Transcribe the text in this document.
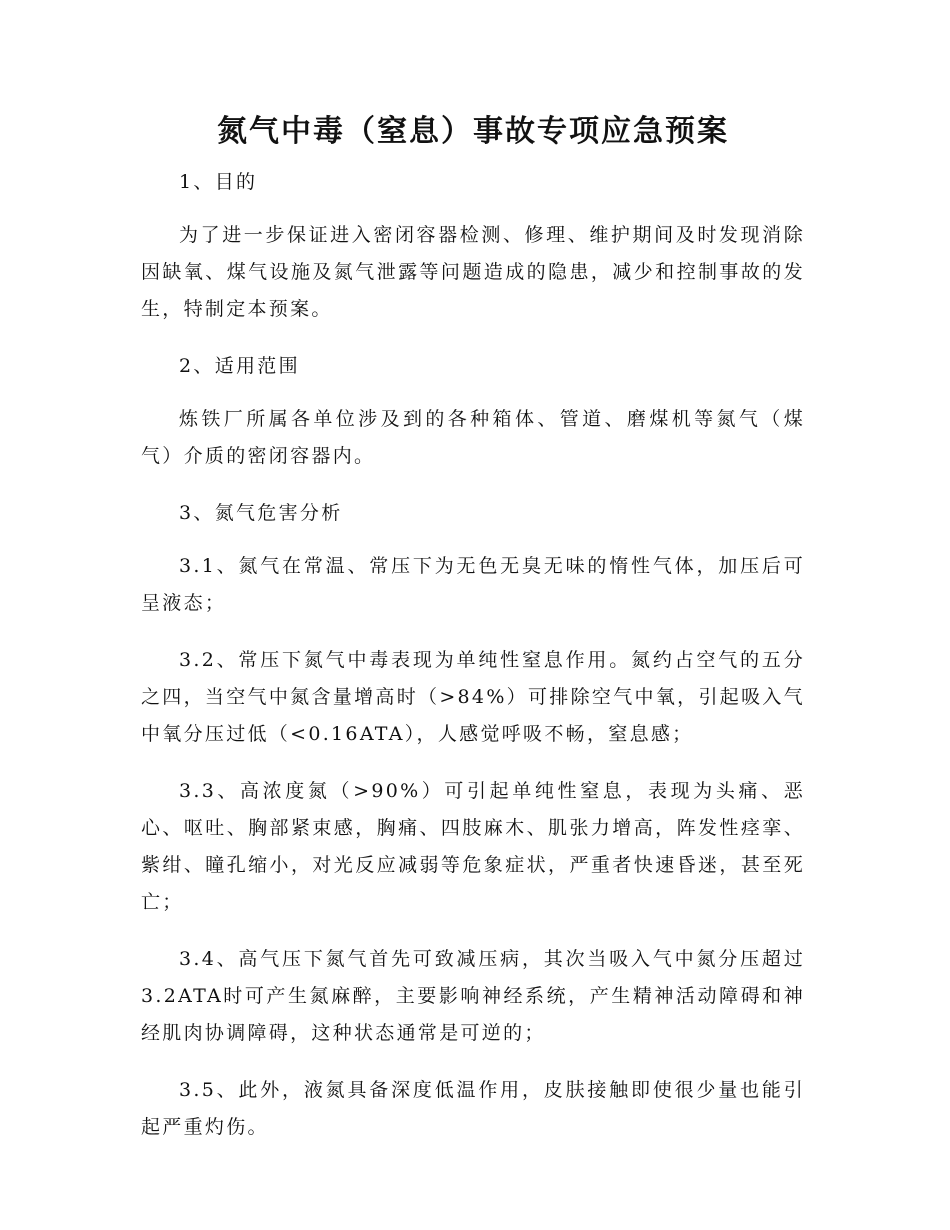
氮气中毒（窒息）事故专项应急预案

1、目的

为了进一步保证进入密闭容器检测、修理、维护期间及时发现消除因缺氧、煤气设施及氮气泄露等问题造成的隐患，减少和控制事故的发生，特制定本预案。

2、适用范围

炼铁厂所属各单位涉及到的各种箱体、管道、磨煤机等氮气（煤气）介质的密闭容器内。

3、氮气危害分析

3.1、氮气在常温、常压下为无色无臭无味的惰性气体，加压后可呈液态；

3.2、常压下氮气中毒表现为单纯性窒息作用。氮约占空气的五分之四，当空气中氮含量增高时（>84%）可排除空气中氧，引起吸入气中氧分压过低（<0.16ATA），人感觉呼吸不畅，窒息感；

3.3、高浓度氮（>90%）可引起单纯性窒息，表现为头痛、恶心、呕吐、胸部紧束感，胸痛、四肢麻木、肌张力增高，阵发性痉挛、紫绀、瞳孔缩小，对光反应减弱等危象症状，严重者快速昏迷，甚至死亡；

3.4、高气压下氮气首先可致减压病，其次当吸入气中氮分压超过3.2ATA时可产生氮麻醉，主要影响神经系统，产生精神活动障碍和神经肌肉协调障碍，这种状态通常是可逆的；

3.5、此外，液氮具备深度低温作用，皮肤接触即使很少量也能引起严重灼伤。
